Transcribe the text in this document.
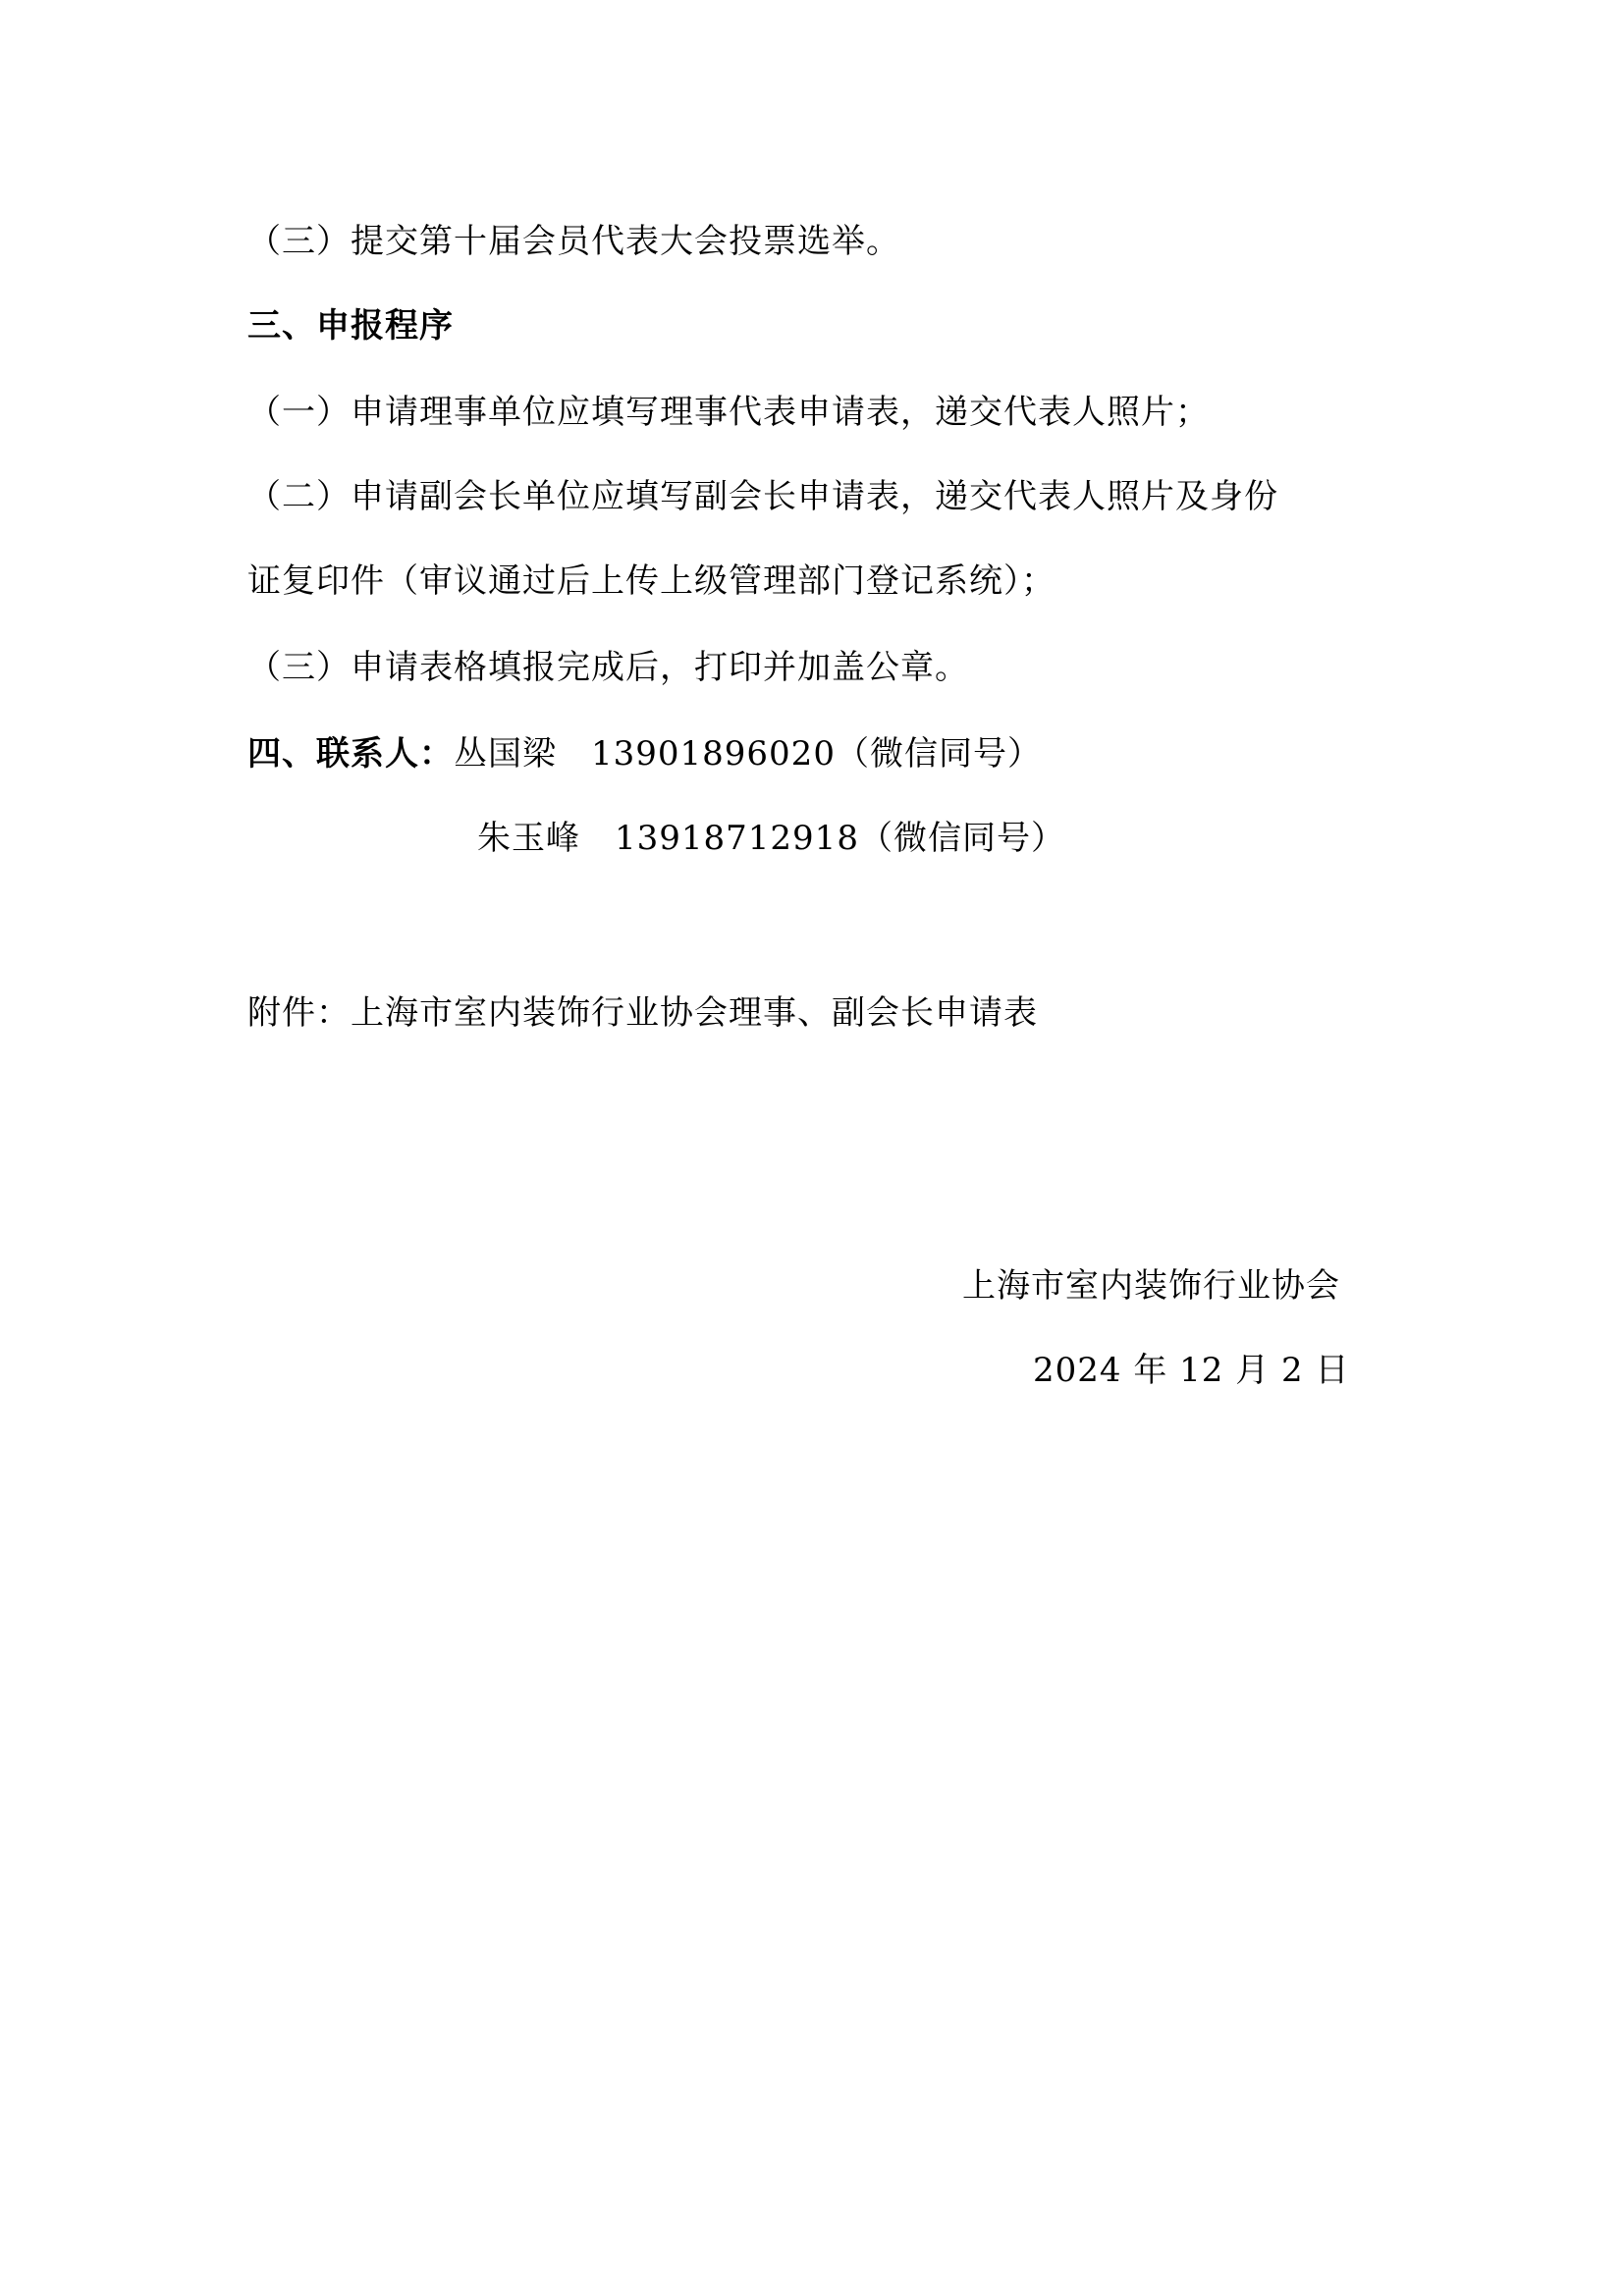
（三）提交第十届会员代表大会投票选举。
三、申报程序
（一）申请理事单位应填写理事代表申请表，递交代表人照片；
（二）申请副会长单位应填写副会长申请表，递交代表人照片及身份
证复印件（审议通过后上传上级管理部门登记系统）；
（三）申请表格填报完成后，打印并加盖公章。
四、联系人：丛国梁 13901896020（微信同号）
朱玉峰 13918712918（微信同号）
附件：上海市室内装饰行业协会理事、副会长申请表
上海市室内装饰行业协会
2024 年 12 月 2 日
